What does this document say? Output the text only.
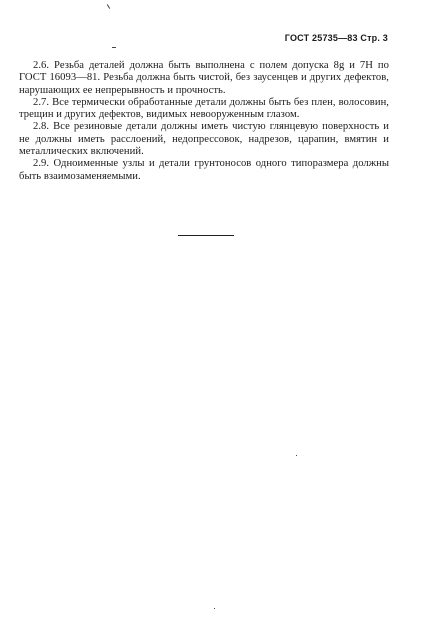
ГОСТ 25735—83 Стр. 3

2.6. Резьба деталей должна быть выполнена с полем допуска 8g и 7H по ГОСТ 16093—81. Резьба должна быть чистой, без заусенцев и других дефектов, нарушающих ее непрерывность и прочность.

2.7. Все термически обработанные детали должны быть без плен, волосовин, трещин и других дефектов, видимых невооруженным глазом.

2.8. Все резиновые детали должны иметь чистую глянцевую поверхность и не должны иметь расслоений, недопрессовок, надрезов, царапин, вмятин и металлических включений.

2.9. Одноименные узлы и детали грунтоносов одного типоразмера должны быть взаимозаменяемыми.
